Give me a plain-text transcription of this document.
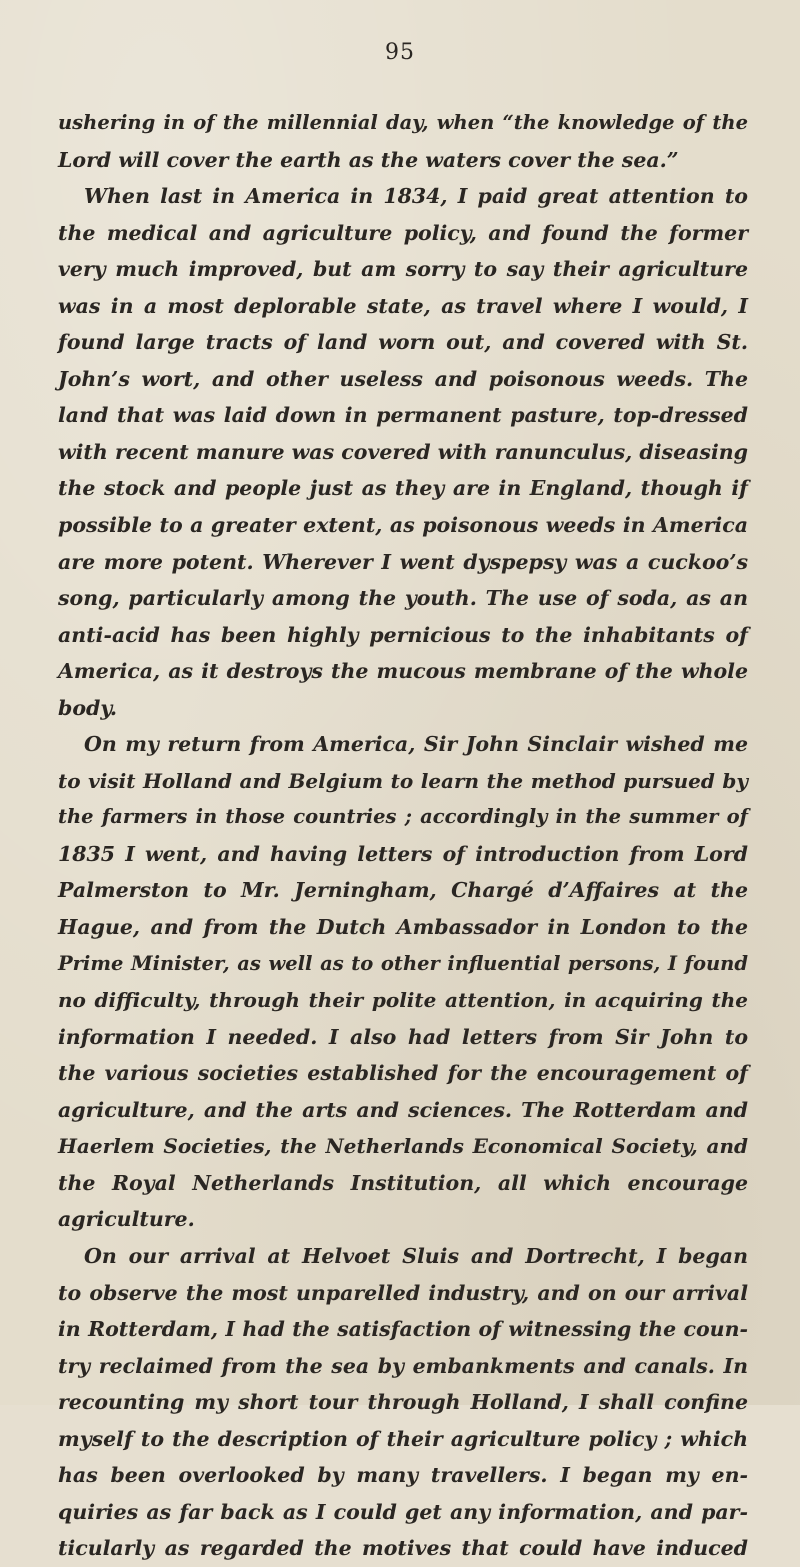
95
ushering in of the millennial day, when “the knowledge of the
Lord will cover the earth as the waters cover the sea.”
When last in America in 1834, I paid great attention to
the medical and agriculture policy, and found the former
very much improved, but am sorry to say their agriculture
was in a most deplorable state, as travel where I would, I
found large tracts of land worn out, and covered with St.
John’s wort, and other useless and poisonous weeds. The
land that was laid down in permanent pasture, top-dressed
with recent manure was covered with ranunculus, diseasing
the stock and people just as they are in England, though if
possible to a greater extent, as poisonous weeds in America
are more potent. Wherever I went dyspepsy was a cuckoo’s
song, particularly among the youth. The use of soda, as an
anti-acid has been highly pernicious to the inhabitants of
America, as it destroys the mucous membrane of the whole
body.
On my return from America, Sir John Sinclair wished me
to visit Holland and Belgium to learn the method pursued by
the farmers in those countries ; accordingly in the summer of
1835 I went, and having letters of introduction from Lord
Palmerston to Mr. Jerningham, Chargé d’Affaires at the
Hague, and from the Dutch Ambassador in London to the
Prime Minister, as well as to other influential persons, I found
no difficulty, through their polite attention, in acquiring the
information I needed. I also had letters from Sir John to
the various societies established for the encouragement of
agriculture, and the arts and sciences. The Rotterdam and
Haerlem Societies, the Netherlands Economical Society, and
the Royal Netherlands Institution, all which encourage
agriculture.
On our arrival at Helvoet Sluis and Dortrecht, I began
to observe the most unparelled industry, and on our arrival
in Rotterdam, I had the satisfaction of witnessing the coun-
try reclaimed from the sea by embankments and canals. In
recounting my short tour through Holland, I shall confine
myself to the description of their agriculture policy ; which
has been overlooked by many travellers. I began my en-
quiries as far back as I could get any information, and par-
ticularly as regarded the motives that could have induced
